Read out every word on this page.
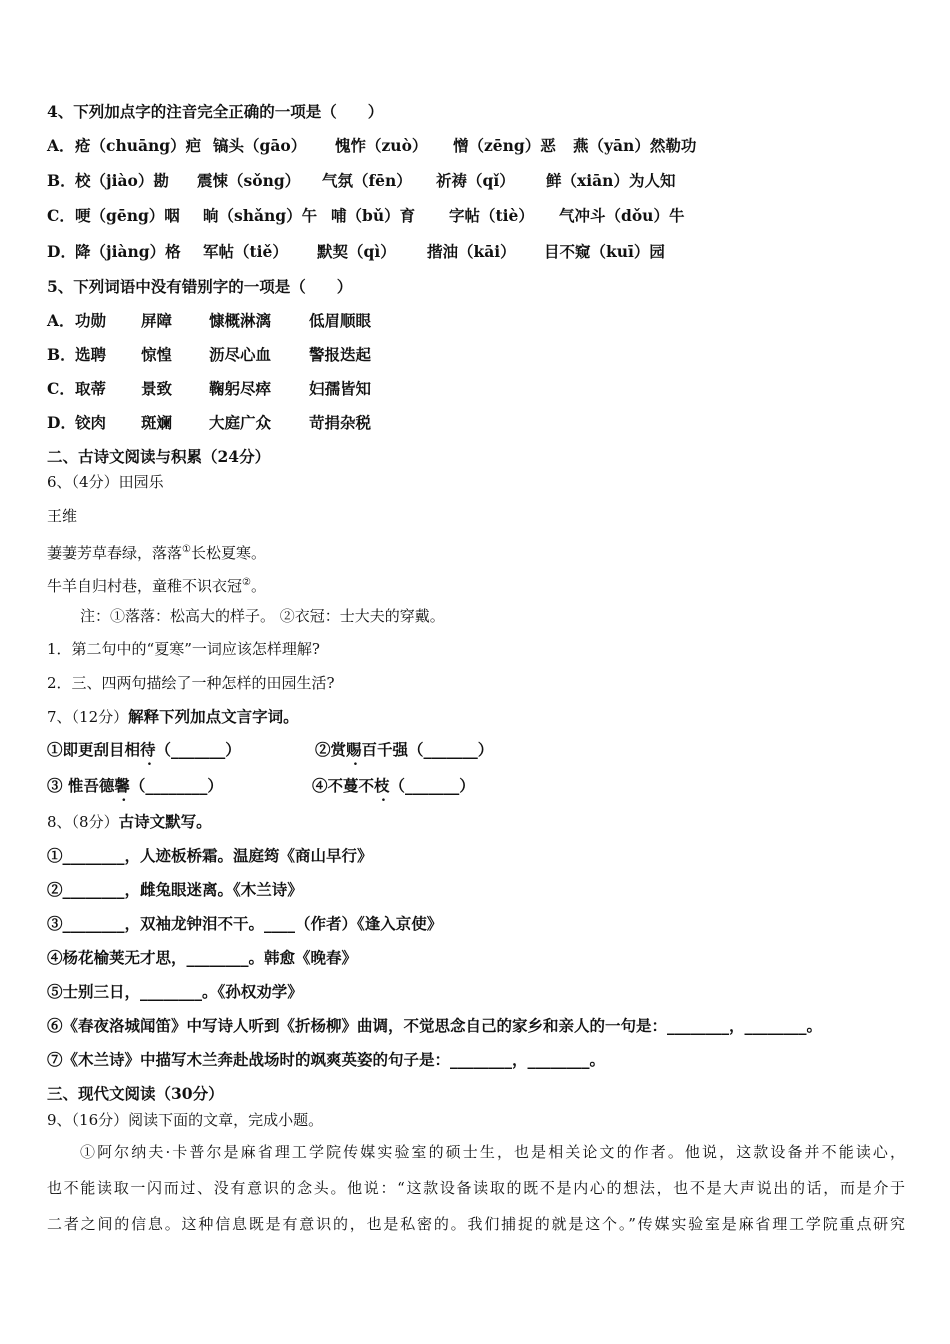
4、下列加点字的注音完全正确的一项是（　　）
A．疮（chuāng）疤 镐头（gāo） 愧怍（zuò） 憎（zēng）恶 燕（yān）然勒功
B．校（jiào）勘 震悚（sǒng） 气氛（fēn） 祈祷（qǐ） 鲜（xiān）为人知
C．哽（gēng）咽 晌（shǎng）午 哺（bǔ）育 字帖（tiè） 气冲斗（dǒu）牛
D．降（jiàng）格 军帖（tiě） 默契（qì） 揩油（kāi） 目不窥（kuī）园
5、下列词语中没有错别字的一项是（　　）
A．功勋 屏障 慷概淋漓 低眉顺眼
B．选聘 惊惶 沥尽心血 警报迭起
C．取蒂 景致 鞠躬尽瘁 妇孺皆知
D．铰肉 斑斓 大庭广众 苛捐杂税
二、古诗文阅读与积累（24分）
6、（4分）田园乐
王维
萋萋芳草春绿，落落①长松夏寒。
牛羊自归村巷，童稚不识衣冠②。
注：①落落：松高大的样子。 ②衣冠：士大夫的穿戴。
1．第二句中的“夏寒”一词应该怎样理解?
2．三、四两句描绘了一种怎样的田园生活?
7、（12分）解释下列加点文言字词。
①即更刮目相待（_______）	②赏赐百千强（_______）
③ 惟吾德馨（________）	④不蔓不枝（_______）
8、（8分）古诗文默写。
①________，人迹板桥霜。温庭筠《商山早行》
②________，雌兔眼迷离。《木兰诗》
③________，双袖龙钟泪不干。____（作者）《逢入京使》
④杨花榆荚无才思，________。韩愈《晚春》
⑤士别三日，________。《孙权劝学》
⑥《春夜洛城闻笛》中写诗人听到《折杨柳》曲调，不觉思念自己的家乡和亲人的一句是：________，________。
⑦《木兰诗》中描写木兰奔赴战场时的飒爽英姿的句子是：________，________。
三、现代文阅读（30分）
9、（16分）阅读下面的文章，完成小题。
①阿尔纳夫·卡普尔是麻省理工学院传媒实验室的硕士生，也是相关论文的作者。他说，这款设备并不能读心，
也不能读取一闪而过、没有意识的念头。他说：“这款设备读取的既不是内心的想法，也不是大声说出的话，而是介于
二者之间的信息。这种信息既是有意识的，也是私密的。我们捕捉的就是这个。”传媒实验室是麻省理工学院重点研究
